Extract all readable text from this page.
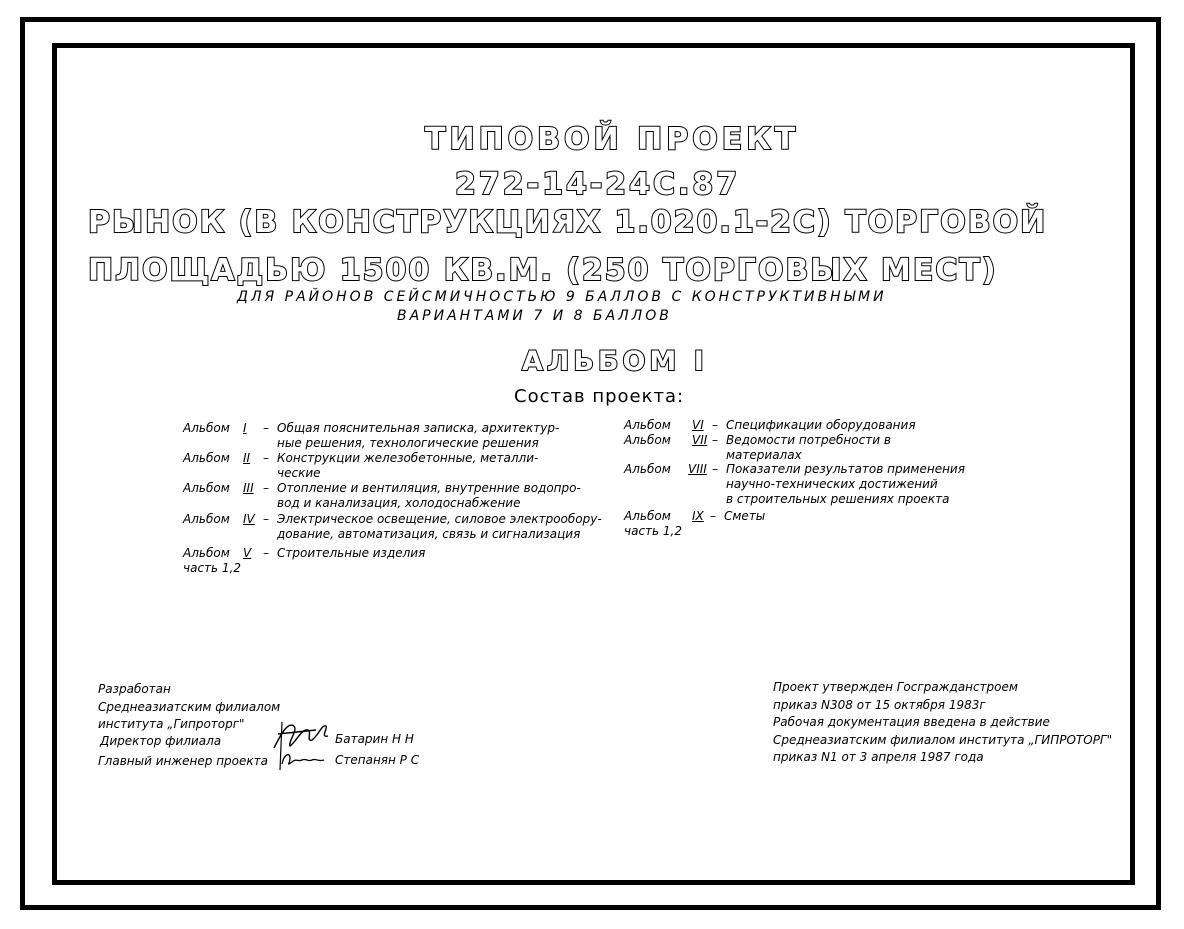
ТИПОВОЙ ПРОЕКТ
272-14-24С.87
РЫНОК (В КОНСТРУКЦИЯХ 1.020.1-2С) ТОРГОВОЙ
ПЛОЩАДЬЮ 1500 КВ.М. (250 ТОРГОВЫХ МЕСТ)
ДЛЯ РАЙОНОВ СЕЙСМИЧНОСТЬЮ 9 БАЛЛОВ С КОНСТРУКТИВНЫМИ
ВАРИАНТАМИ 7 И 8 БАЛЛОВ
АЛЬБОМ I
Состав проекта:
Альбом I – Общая пояснительная записка, архитектур-
ные решения, технологические решения
Альбом II – Конструкции железобетонные, металли-
ческие
Альбом III – Отопление и вентиляция, внутренние водопро-
вод и канализация, холодоснабжение
Альбом IV – Электрическое освещение, силовое электрообору-
дование, автоматизация, связь и сигнализация
Альбом V – Строительные изделия
часть 1,2
Альбом VI – Спецификации оборудования
Альбом VII – Ведомости потребности в
материалах
Альбом VIII – Показатели результатов применения
научно-технических достижений
в строительных решениях проекта
Альбом IX – Сметы
часть 1,2
Разработан
Среднеазиатским филиалом
института „Гипроторг"
Директор филиала	Батарин Н Н
Главный инженер проекта	Степанян Р С
Проект утвержден Госгражданстроем
приказ N308 от 15 октября 1983г
Рабочая документация введена в действие
Среднеазиатским филиалом института „ГИПРОТОРГ"
приказ N1 от 3 апреля 1987 года
